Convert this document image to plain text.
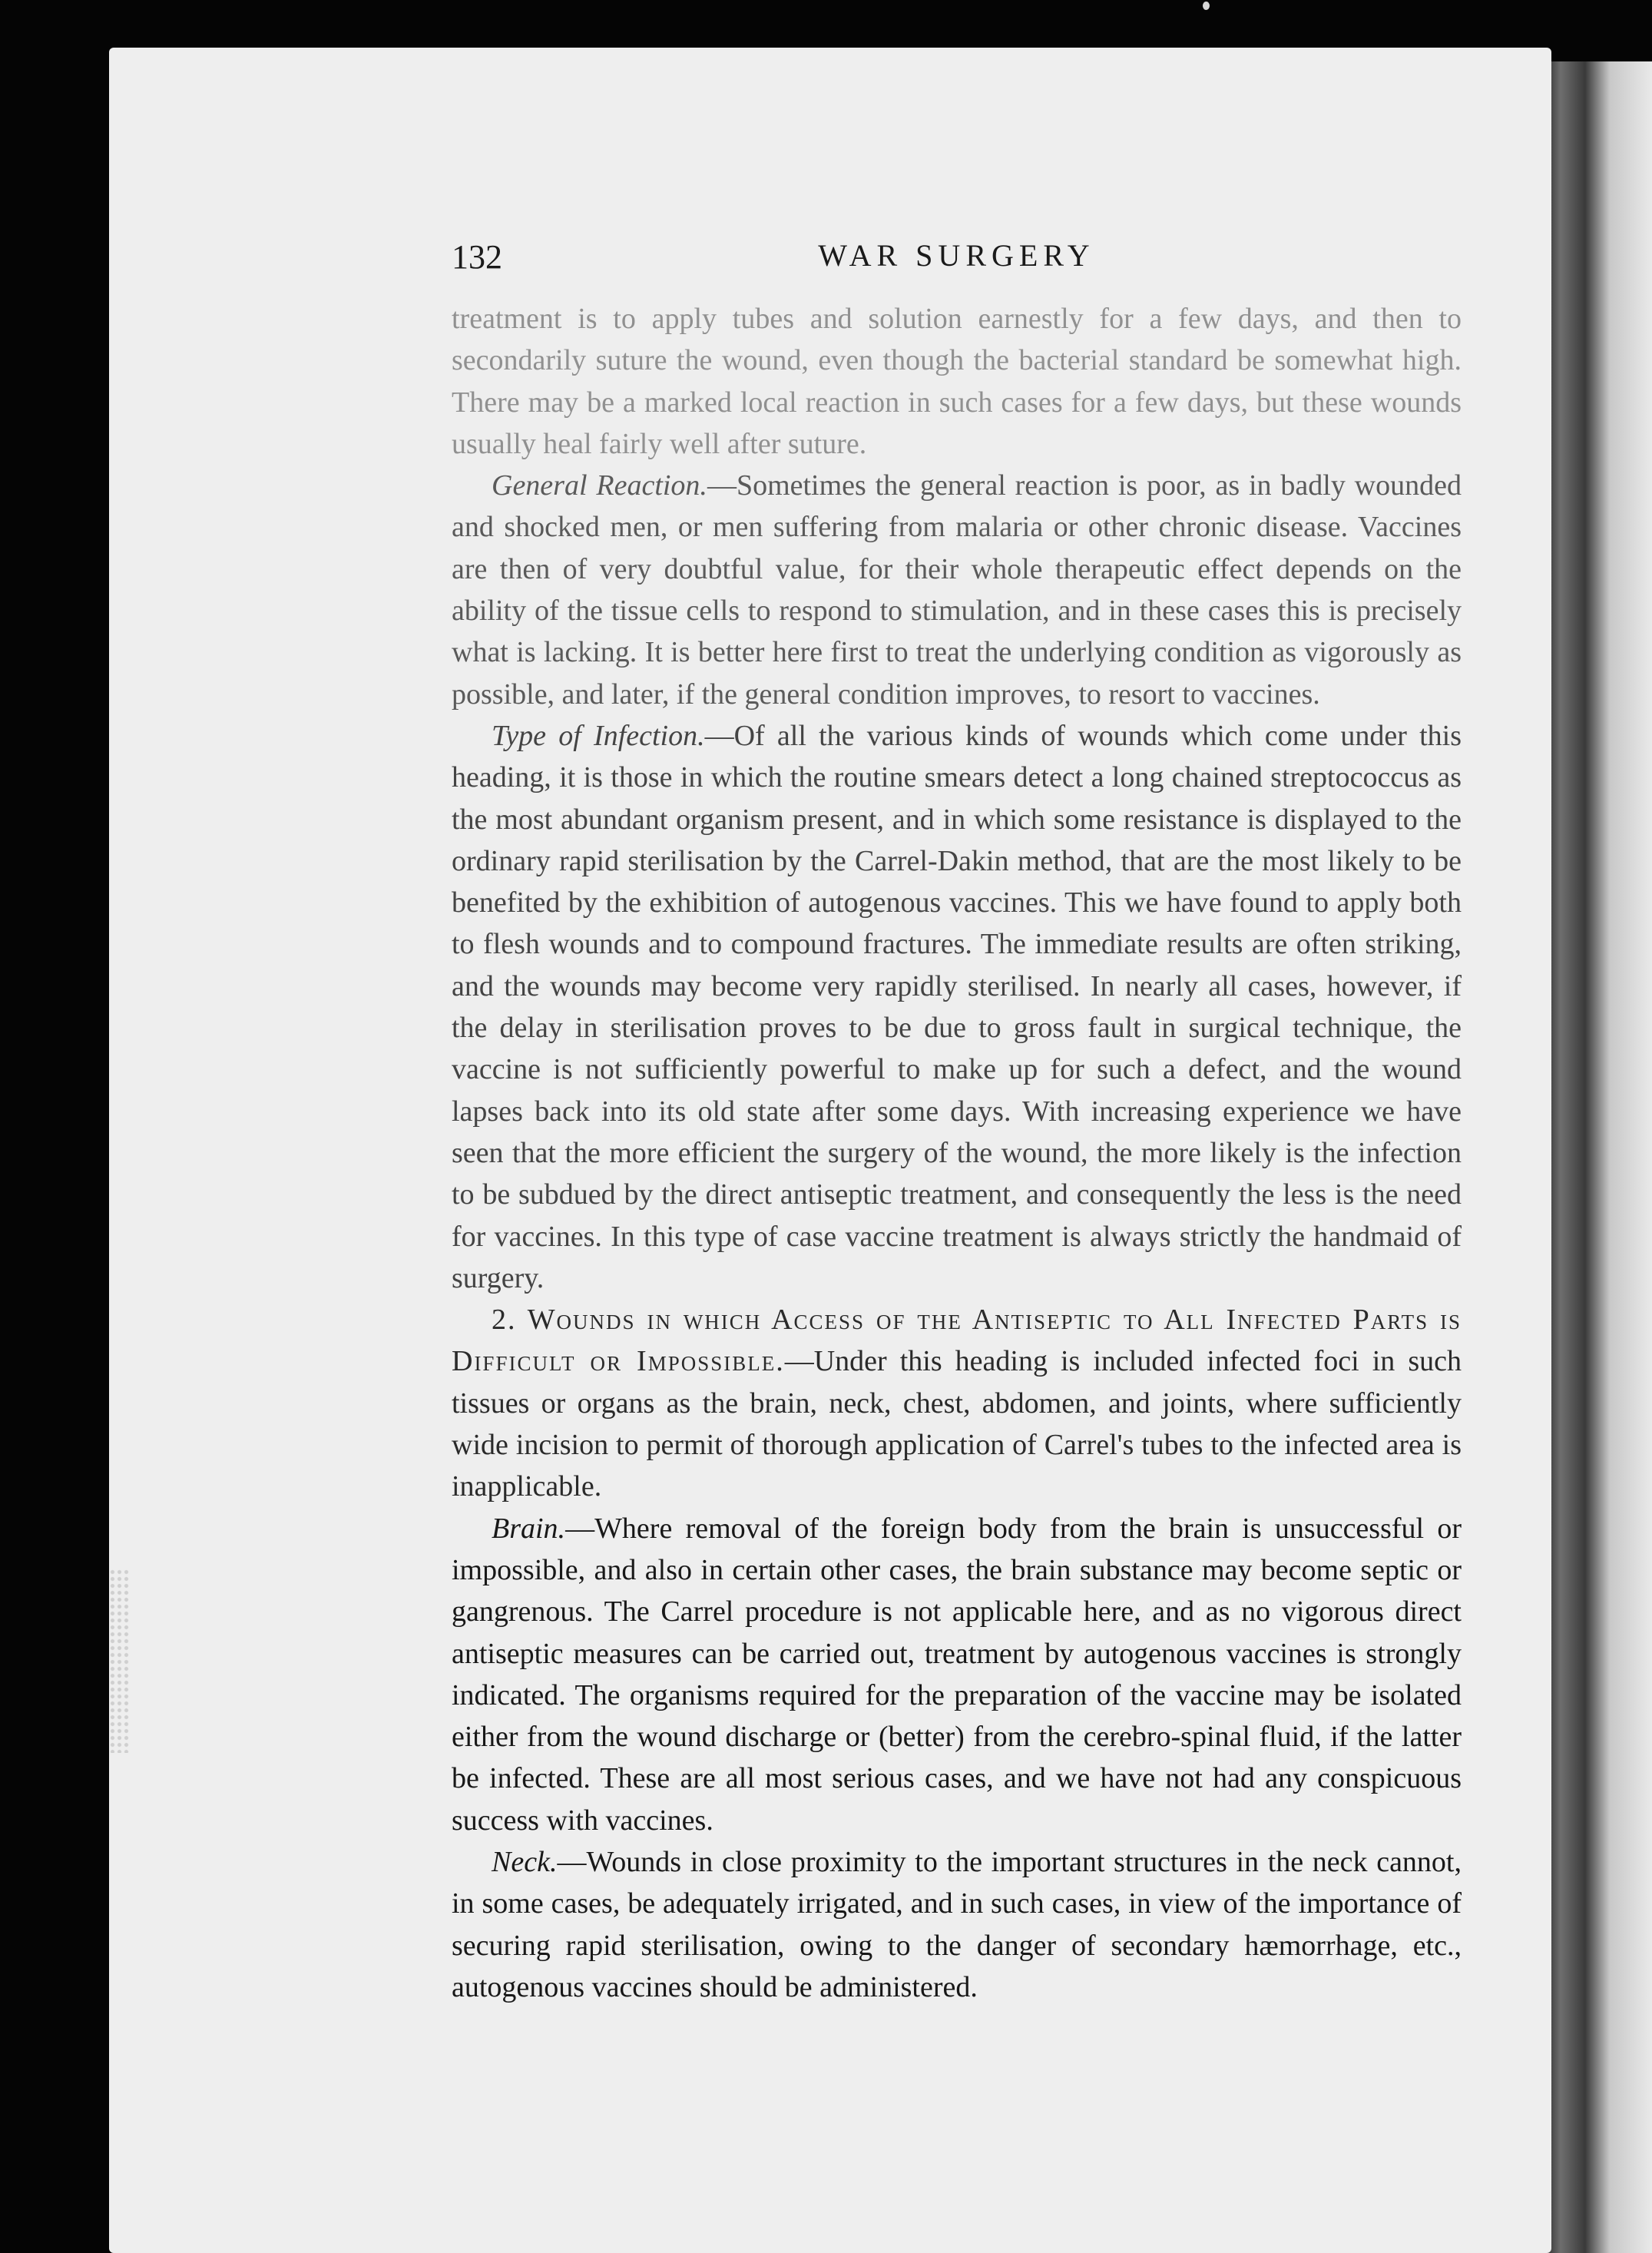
132	WAR SURGERY

treatment is to apply tubes and solution earnestly for a few days, and then to secondarily suture the wound, even though the bacterial standard be somewhat high. There may be a marked local reaction in such cases for a few days, but these wounds usually heal fairly well after suture.

General Reaction.—Sometimes the general reaction is poor, as in badly wounded and shocked men, or men suffering from malaria or other chronic disease. Vaccines are then of very doubtful value, for their whole therapeutic effect depends on the ability of the tissue cells to respond to stimulation, and in these cases this is precisely what is lacking. It is better here first to treat the underlying condition as vigorously as possible, and later, if the general condition improves, to resort to vaccines.

Type of Infection.—Of all the various kinds of wounds which come under this heading, it is those in which the routine smears detect a long chained streptococcus as the most abundant organism present, and in which some resistance is displayed to the ordinary rapid sterilisation by the Carrel-Dakin method, that are the most likely to be benefited by the exhibition of autogenous vaccines. This we have found to apply both to flesh wounds and to compound fractures. The immediate results are often striking, and the wounds may become very rapidly sterilised. In nearly all cases, however, if the delay in sterilisation proves to be due to gross fault in surgical technique, the vaccine is not sufficiently powerful to make up for such a defect, and the wound lapses back into its old state after some days. With increasing experience we have seen that the more efficient the surgery of the wound, the more likely is the infection to be subdued by the direct antiseptic treatment, and consequently the less is the need for vaccines. In this type of case vaccine treatment is always strictly the handmaid of surgery.

2. Wounds in which Access of the Antiseptic to All Infected Parts is Difficult or Impossible.—Under this heading is included infected foci in such tissues or organs as the brain, neck, chest, abdomen, and joints, where sufficiently wide incision to permit of thorough application of Carrel's tubes to the infected area is inapplicable.

Brain.—Where removal of the foreign body from the brain is unsuccessful or impossible, and also in certain other cases, the brain substance may become septic or gangrenous. The Carrel procedure is not applicable here, and as no vigorous direct antiseptic measures can be carried out, treatment by autogenous vaccines is strongly indicated. The organisms required for the preparation of the vaccine may be isolated either from the wound discharge or (better) from the cerebro-spinal fluid, if the latter be infected. These are all most serious cases, and we have not had any conspicuous success with vaccines.

Neck.—Wounds in close proximity to the important structures in the neck cannot, in some cases, be adequately irrigated, and in such cases, in view of the importance of securing rapid sterilisation, owing to the danger of secondary hæmorrhage, etc., autogenous vaccines should be administered.
